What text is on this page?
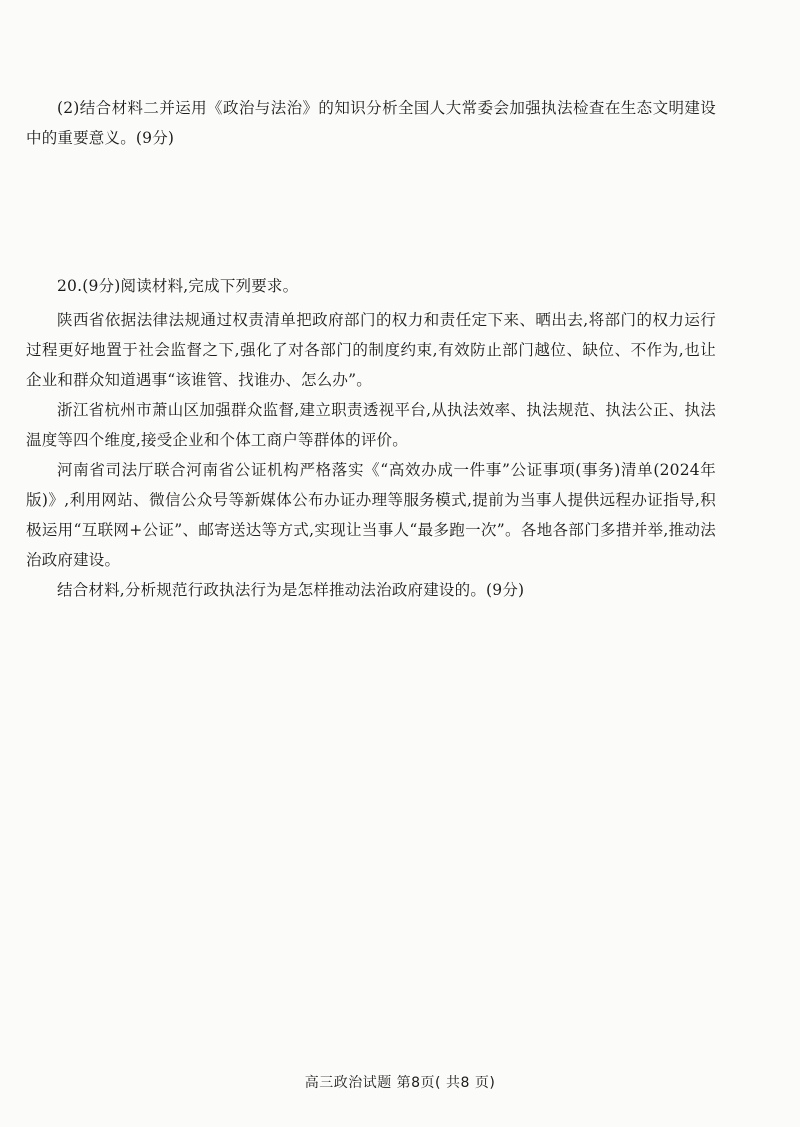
(2)结合材料二并运用《政治与法治》的知识分析全国人大常委会加强执法检查在生态文明建设中的重要意义。(9分)

20.(9分)阅读材料,完成下列要求。

陕西省依据法律法规通过权责清单把政府部门的权力和责任定下来、晒出去,将部门的权力运行过程更好地置于社会监督之下,强化了对各部门的制度约束,有效防止部门越位、缺位、不作为,也让企业和群众知道遇事“该谁管、找谁办、怎么办”。

浙江省杭州市萧山区加强群众监督,建立职责透视平台,从执法效率、执法规范、执法公正、执法温度等四个维度,接受企业和个体工商户等群体的评价。

河南省司法厅联合河南省公证机构严格落实《“高效办成一件事”公证事项(事务)清单(2024年版)》,利用网站、微信公众号等新媒体公布办证办理等服务模式,提前为当事人提供远程办证指导,积极运用“互联网+公证”、邮寄送达等方式,实现让当事人“最多跑一次”。各地各部门多措并举,推动法治政府建设。

结合材料,分析规范行政执法行为是怎样推动法治政府建设的。(9分)

高三政治试题 第8页( 共8 页)
